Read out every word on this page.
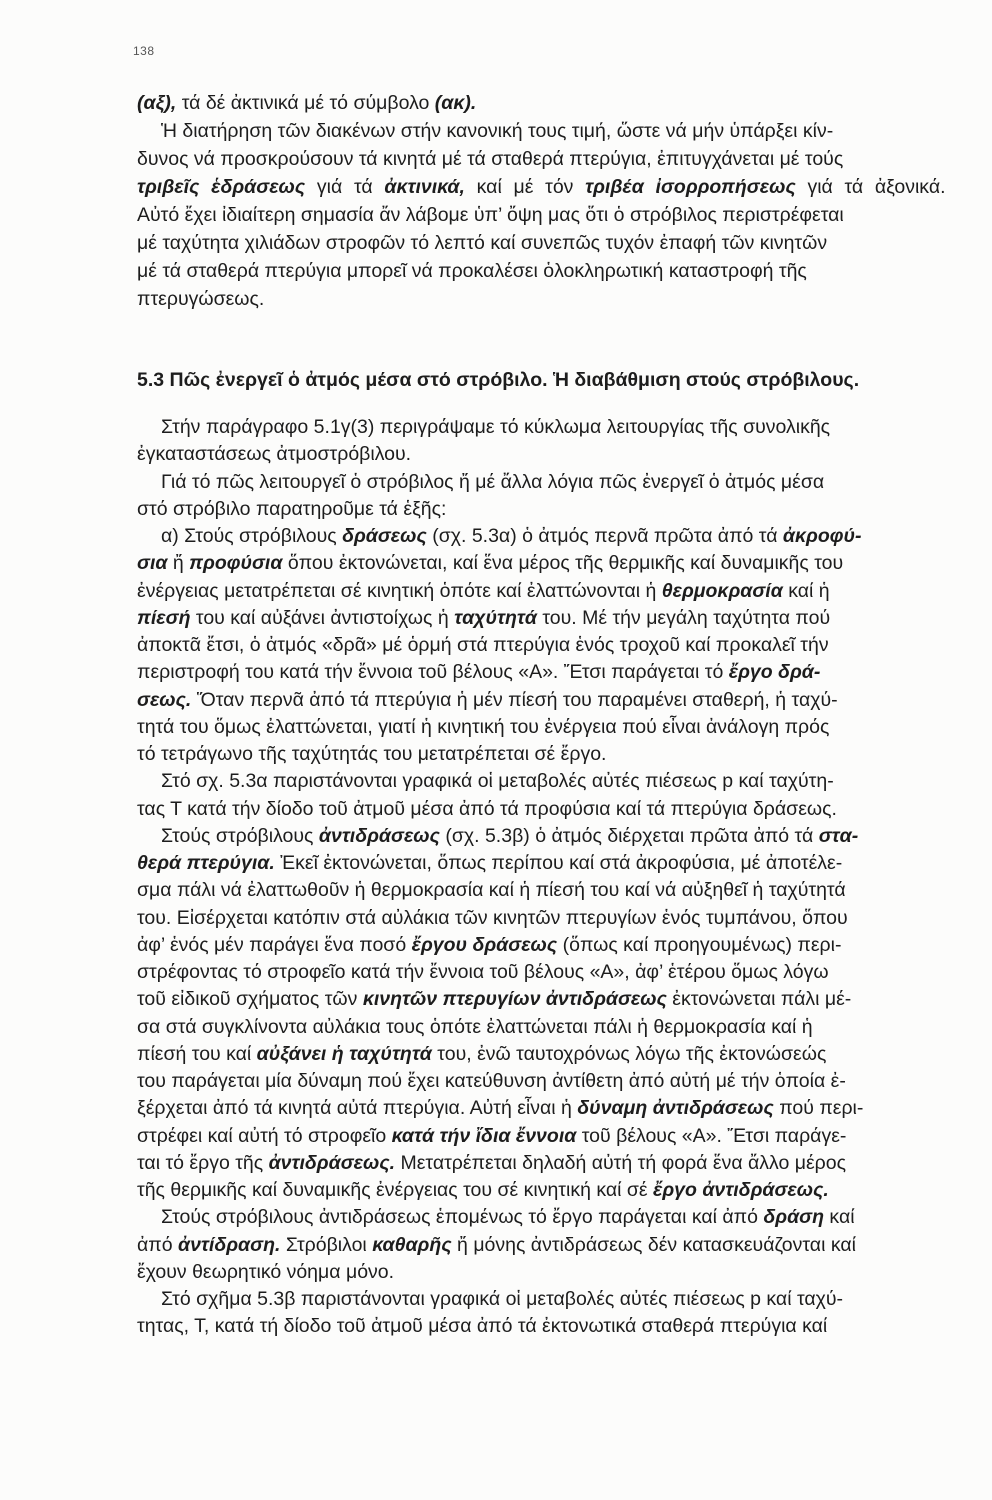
138
(αξ), τά δέ ἀκτινικά μέ τό σύμβολο (ακ).
Ἡ διατήρηση τῶν διακένων στήν κανονική τους τιμή, ὥστε νά μήν ὑπάρξει κίν-
δυνος νά προσκρούσουν τά κινητά μέ τά σταθερά πτερύγια, ἐπιτυγχάνεται μέ τούς
τριβεῖς ἑδράσεως γιά τά ἀκτινικά, καί μέ τόν τριβέα ἰσορροπήσεως γιά τά ἀξονικά.
Αὐτό ἔχει ἰδιαίτερη σημασία ἄν λάβομε ὑπ’ ὄψη μας ὅτι ὁ στρόβιλος περιστρέφεται
μέ ταχύτητα χιλιάδων στροφῶν τό λεπτό καί συνεπῶς τυχόν ἐπαφή τῶν κινητῶν
μέ τά σταθερά πτερύγια μπορεῖ νά προκαλέσει ὁλοκληρωτική καταστροφή τῆς
πτερυγώσεως.
5.3 Πῶς ἐνεργεῖ ὁ ἀτμός μέσα στό στρόβιλο. Ἡ διαβάθμιση στούς στρόβιλους.
Στήν παράγραφο 5.1γ(3) περιγράψαμε τό κύκλωμα λειτουργίας τῆς συνολικῆς
ἐγκαταστάσεως ἀτμοστρόβιλου.
Γιά τό πῶς λειτουργεῖ ὁ στρόβιλος ἤ μέ ἄλλα λόγια πῶς ἐνεργεῖ ὁ ἀτμός μέσα
στό στρόβιλο παρατηροῦμε τά ἑξῆς:
α) Στούς στρόβιλους δράσεως (σχ. 5.3α) ὁ ἀτμός περνᾶ πρῶτα ἀπό τά ἀκροφύ-
σια ἤ προφύσια ὅπου ἐκτονώνεται, καί ἕνα μέρος τῆς θερμικῆς καί δυναμικῆς του
ἐνέργειας μετατρέπεται σέ κινητική ὁπότε καί ἐλαττώνονται ἡ θερμοκρασία καί ἡ
πίεσή του καί αὐξάνει ἀντιστοίχως ἡ ταχύτητά του. Μέ τήν μεγάλη ταχύτητα πού
ἀποκτᾶ ἔτσι, ὁ ἀτμός «δρᾶ» μέ ὁρμή στά πτερύγια ἑνός τροχοῦ καί προκαλεῖ τήν
περιστροφή του κατά τήν ἔννοια τοῦ βέλους «Α». Ἔτσι παράγεται τό ἔργο δρά-
σεως. Ὅταν περνᾶ ἀπό τά πτερύγια ἡ μέν πίεσή του παραμένει σταθερή, ἡ ταχύ-
τητά του ὅμως ἐλαττώνεται, γιατί ἡ κινητική του ἐνέργεια πού εἶναι ἀνάλογη πρός
τό τετράγωνο τῆς ταχύτητάς του μετατρέπεται σέ ἔργο.
Στό σχ. 5.3α παριστάνονται γραφικά οἱ μεταβολές αὐτές πιέσεως p καί ταχύτη-
τας Τ κατά τήν δίοδο τοῦ ἀτμοῦ μέσα ἀπό τά προφύσια καί τά πτερύγια δράσεως.
Στούς στρόβιλους ἀντιδράσεως (σχ. 5.3β) ὁ ἀτμός διέρχεται πρῶτα ἀπό τά στα-
θερά πτερύγια. Ἐκεῖ ἐκτονώνεται, ὅπως περίπου καί στά ἀκροφύσια, μέ ἀποτέλε-
σμα πάλι νά ἐλαττωθοῦν ἡ θερμοκρασία καί ἡ πίεσή του καί νά αὐξηθεῖ ἡ ταχύτητά
του. Εἰσέρχεται κατόπιν στά αὐλάκια τῶν κινητῶν πτερυγίων ἑνός τυμπάνου, ὅπου
ἀφ’ ἑνός μέν παράγει ἕνα ποσό ἔργου δράσεως (ὅπως καί προηγουμένως) περι-
στρέφοντας τό στροφεῖο κατά τήν ἔννοια τοῦ βέλους «Α», ἀφ’ ἑτέρου ὅμως λόγω
τοῦ εἰδικοῦ σχήματος τῶν κινητῶν πτερυγίων ἀντιδράσεως ἐκτονώνεται πάλι μέ-
σα στά συγκλίνοντα αὐλάκια τους ὁπότε ἐλαττώνεται πάλι ἡ θερμοκρασία καί ἡ
πίεσή του καί αὐξάνει ἡ ταχύτητά του, ἐνῶ ταυτοχρόνως λόγω τῆς ἐκτονώσεώς
του παράγεται μία δύναμη πού ἔχει κατεύθυνση ἀντίθετη ἀπό αὐτή μέ τήν ὁποία ἐ-
ξέρχεται ἀπό τά κινητά αὐτά πτερύγια. Αὐτή εἶναι ἡ δύναμη ἀντιδράσεως πού περι-
στρέφει καί αὐτή τό στροφεῖο κατά τήν ἴδια ἔννοια τοῦ βέλους «Α». Ἔτσι παράγε-
ται τό ἔργο τῆς ἀντιδράσεως. Μετατρέπεται δηλαδή αὐτή τή φορά ἕνα ἄλλο μέρος
τῆς θερμικῆς καί δυναμικῆς ἐνέργειας του σέ κινητική καί σέ ἔργο ἀντιδράσεως.
Στούς στρόβιλους ἀντιδράσεως ἑπομένως τό ἔργο παράγεται καί ἀπό δράση καί
ἀπό ἀντίδραση. Στρόβιλοι καθαρῆς ἤ μόνης ἀντιδράσεως δέν κατασκευάζονται καί
ἔχουν θεωρητικό νόημα μόνο.
Στό σχῆμα 5.3β παριστάνονται γραφικά οἱ μεταβολές αὐτές πιέσεως p καί ταχύ-
τητας, Τ, κατά τή δίοδο τοῦ ἀτμοῦ μέσα ἀπό τά ἐκτονωτικά σταθερά πτερύγια καί
